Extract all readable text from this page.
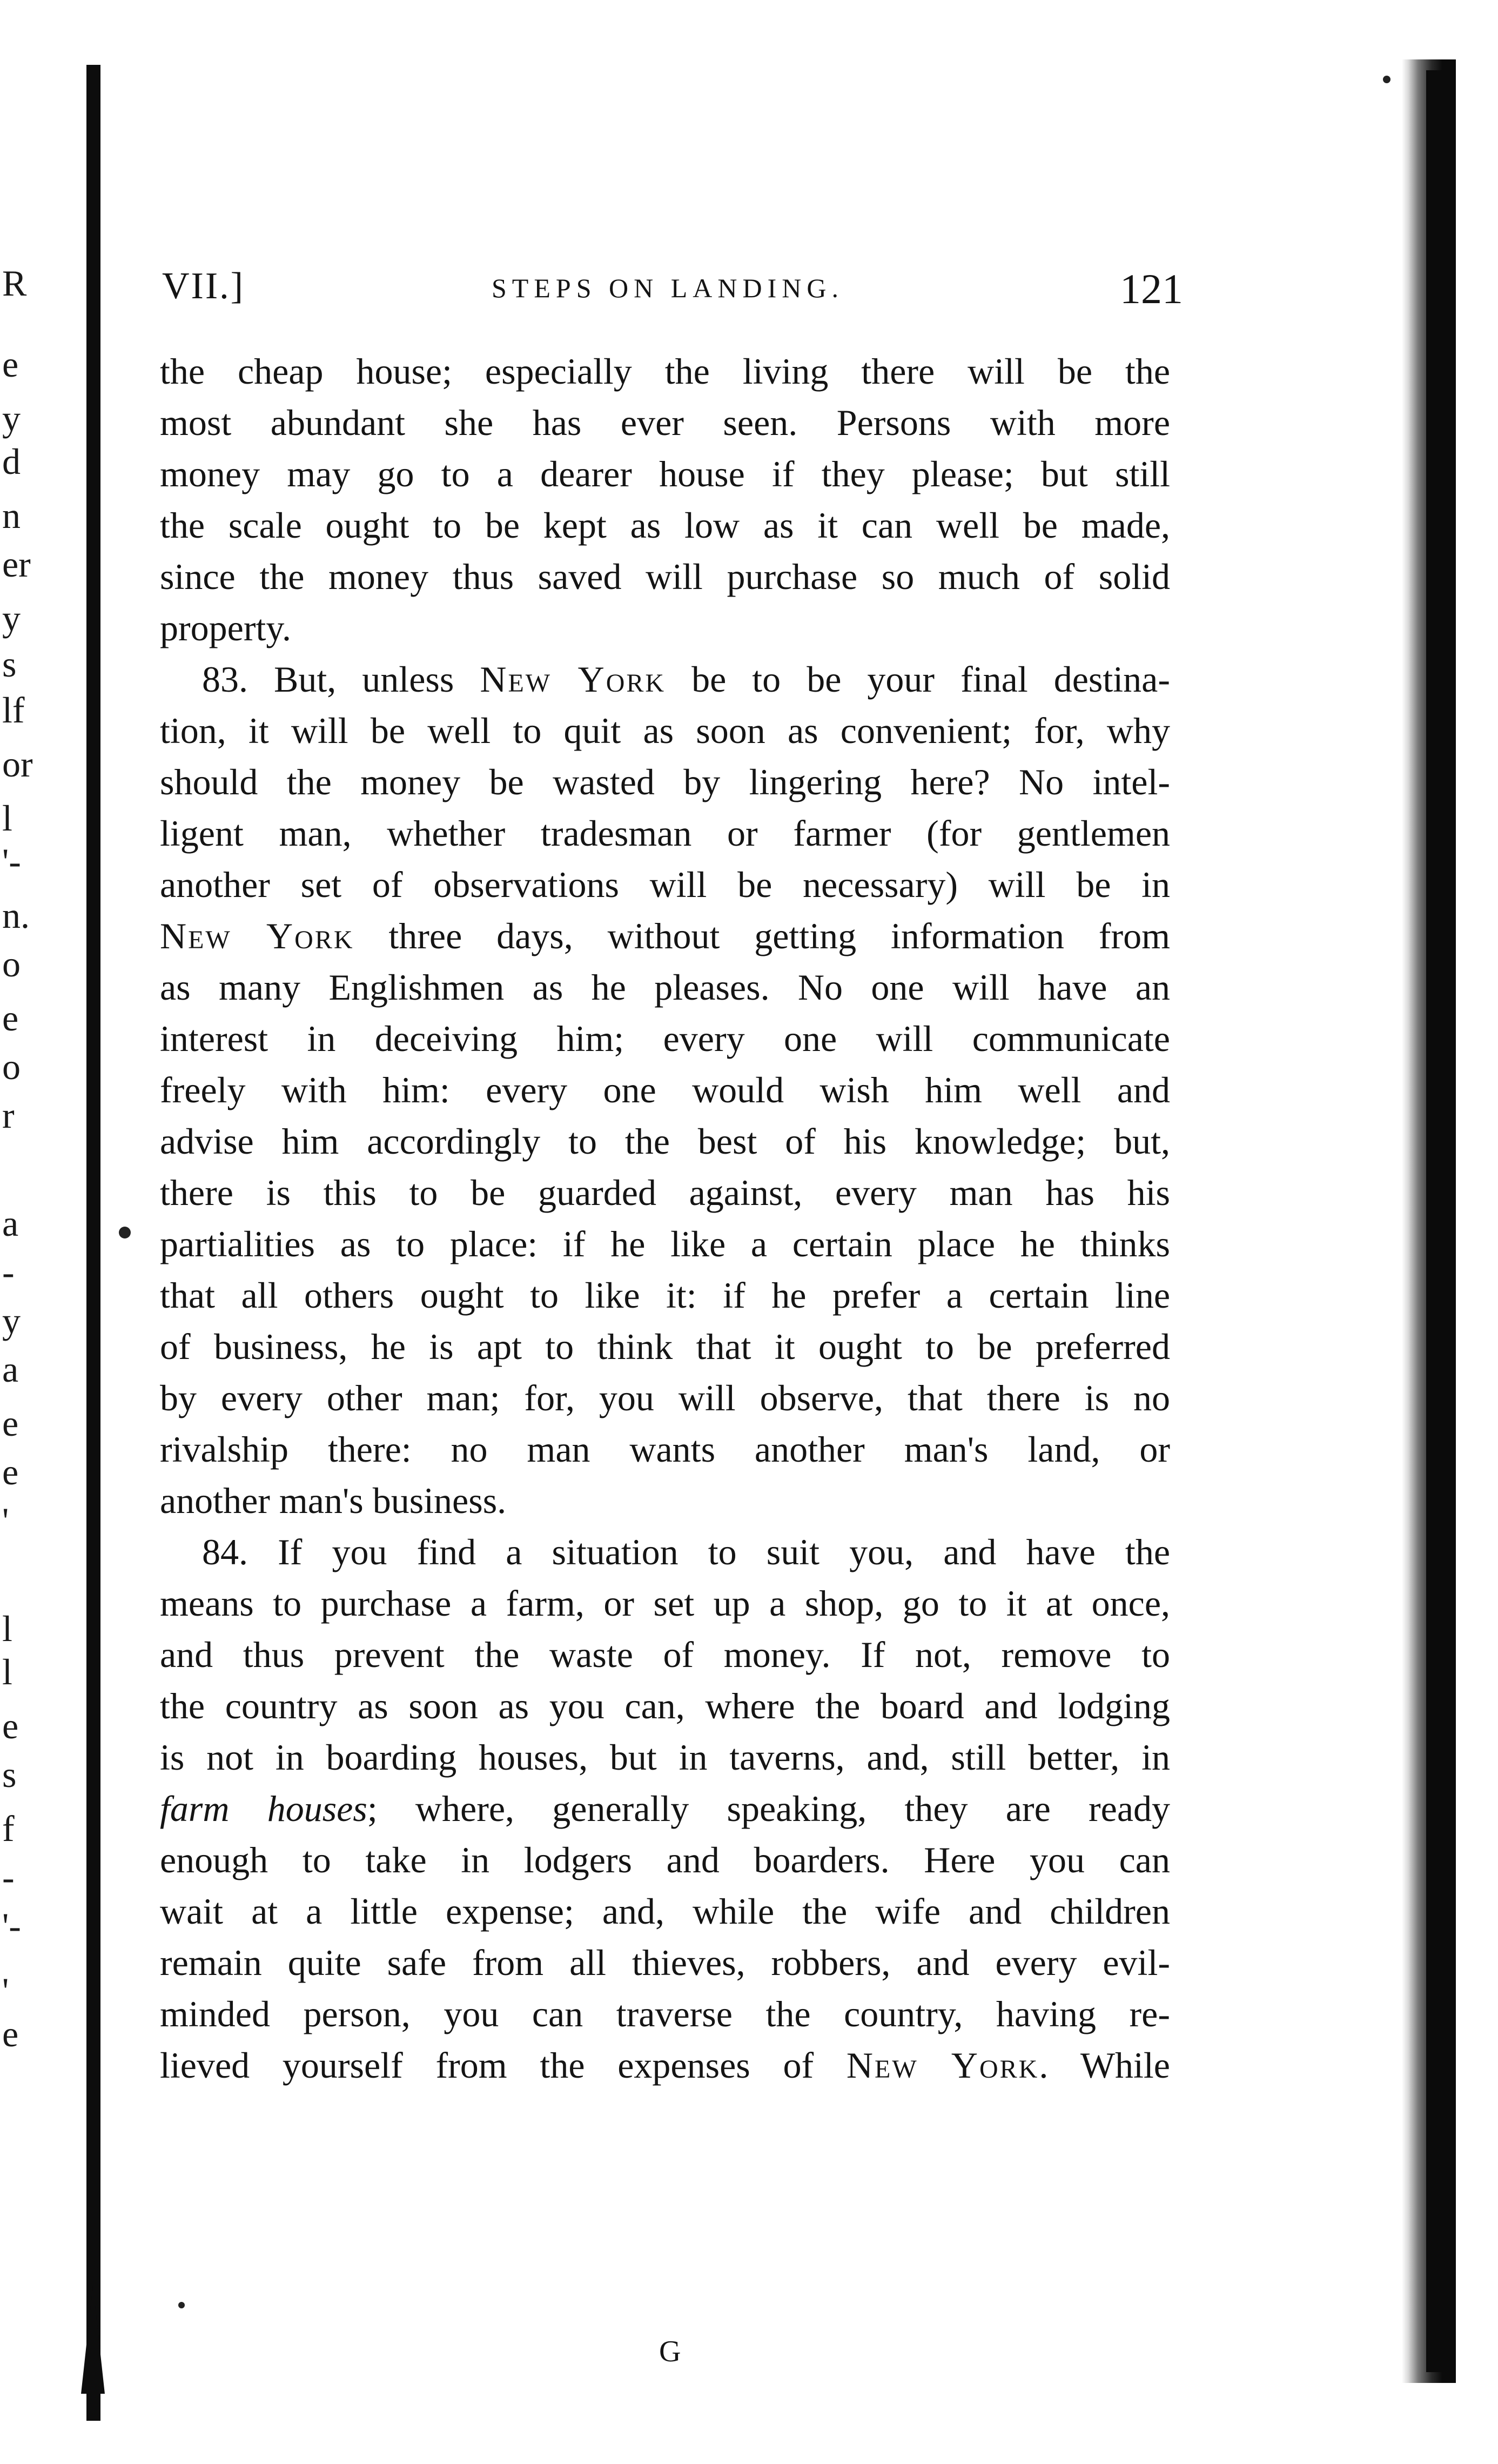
R
e
y
d
n
er
y
s
lf
or
l
'-
n.
o
e
o
r
a
-
y
a
e
e
'
l
l
e
s
f
-
'-
'
e
VII.]	STEPS ON LANDING.	121
the cheap house; especially the living there will be the
most abundant she has ever seen. Persons with more
money may go to a dearer house if they please; but still
the scale ought to be kept as low as it can well be made,
since the money thus saved will purchase so much of solid
property.
83. But, unless New York be to be your final destina-
tion, it will be well to quit as soon as convenient; for, why
should the money be wasted by lingering here? No intel-
ligent man, whether tradesman or farmer (for gentlemen
another set of observations will be necessary) will be in
New York three days, without getting information from
as many Englishmen as he pleases. No one will have an
interest in deceiving him; every one will communicate
freely with him: every one would wish him well and
advise him accordingly to the best of his knowledge; but,
there is this to be guarded against, every man has his
partialities as to place: if he like a certain place he thinks
that all others ought to like it: if he prefer a certain line
of business, he is apt to think that it ought to be preferred
by every other man; for, you will observe, that there is no
rivalship there: no man wants another man's land, or
another man's business.
84. If you find a situation to suit you, and have the
means to purchase a farm, or set up a shop, go to it at once,
and thus prevent the waste of money. If not, remove to
the country as soon as you can, where the board and lodging
is not in boarding houses, but in taverns, and, still better, in
farm houses; where, generally speaking, they are ready
enough to take in lodgers and boarders. Here you can
wait at a little expense; and, while the wife and children
remain quite safe from all thieves, robbers, and every evil-
minded person, you can traverse the country, having re-
lieved yourself from the expenses of New York. While
G
